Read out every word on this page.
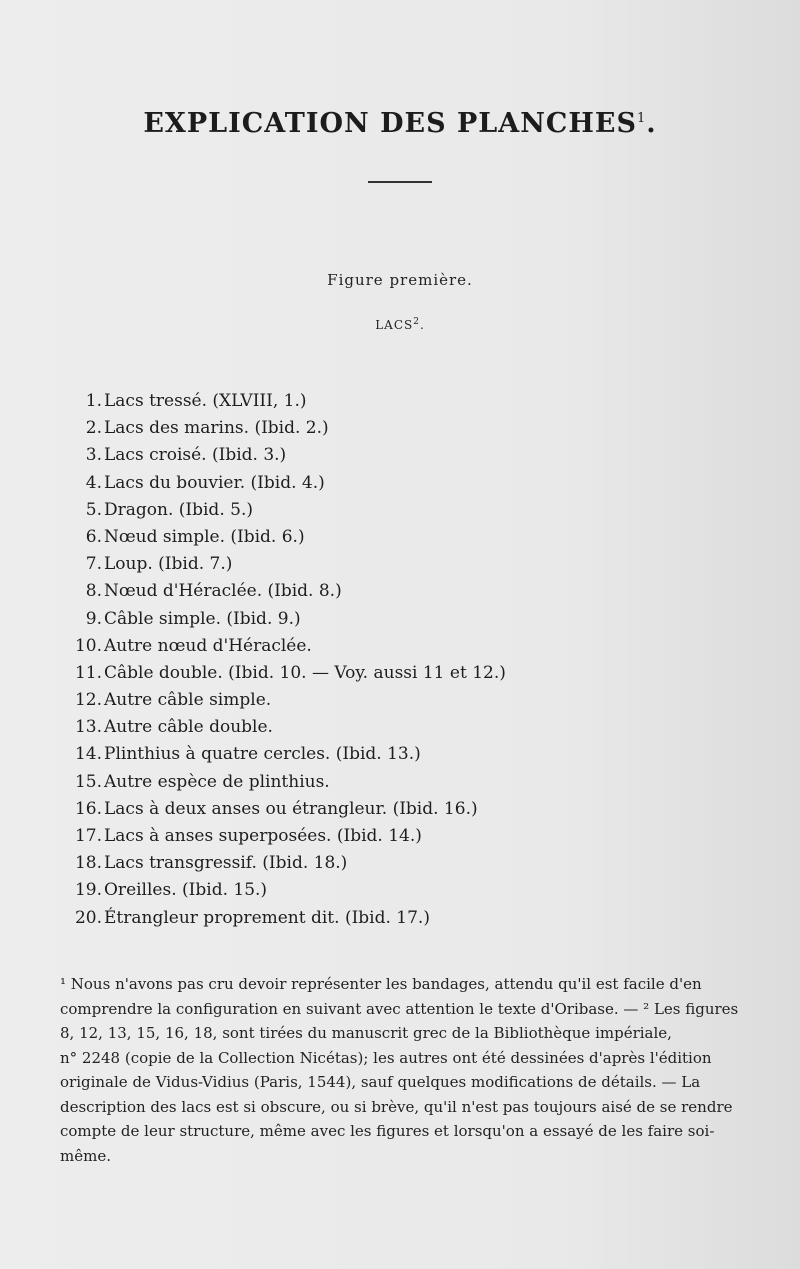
EXPLICATION DES PLANCHES$^1$.
Figure première.
LACS$^2$.
1. Lacs tressé. (XLVIII, 1.)
2. Lacs des marins. (Ibid. 2.)
3. Lacs croisé. (Ibid. 3.)
4. Lacs du bouvier. (Ibid. 4.)
5. Dragon. (Ibid. 5.)
6. Nœud simple. (Ibid. 6.)
7. Loup. (Ibid. 7.)
8. Nœud d'Héraclée. (Ibid. 8.)
9. Câble simple. (Ibid. 9.)
10. Autre nœud d'Héraclée.
11. Câble double. (Ibid. 10. — Voy. aussi 11 et 12.)
12. Autre câble simple.
13. Autre câble double.
14. Plinthius à quatre cercles. (Ibid. 13.)
15. Autre espèce de plinthius.
16. Lacs à deux anses ou étrangleur. (Ibid. 16.)
17. Lacs à anses superposées. (Ibid. 14.)
18. Lacs transgressif. (Ibid. 18.)
19. Oreilles. (Ibid. 15.)
20. Étrangleur proprement dit. (Ibid. 17.)
¹ Nous n'avons pas cru devoir représenter les bandages, attendu qu'il est facile d'en
comprendre la configuration en suivant avec attention le texte d'Oribase. — ² Les figures
8, 12, 13, 15, 16, 18, sont tirées du manuscrit grec de la Bibliothèque impériale,
n° 2248 (copie de la Collection Nicétas); les autres ont été dessinées d'après l'édition
originale de Vidus-Vidius (Paris, 1544), sauf quelques modifications de détails. — La
description des lacs est si obscure, ou si brève, qu'il n'est pas toujours aisé de se rendre
compte de leur structure, même avec les figures et lorsqu'on a essayé de les faire soi-
même.
